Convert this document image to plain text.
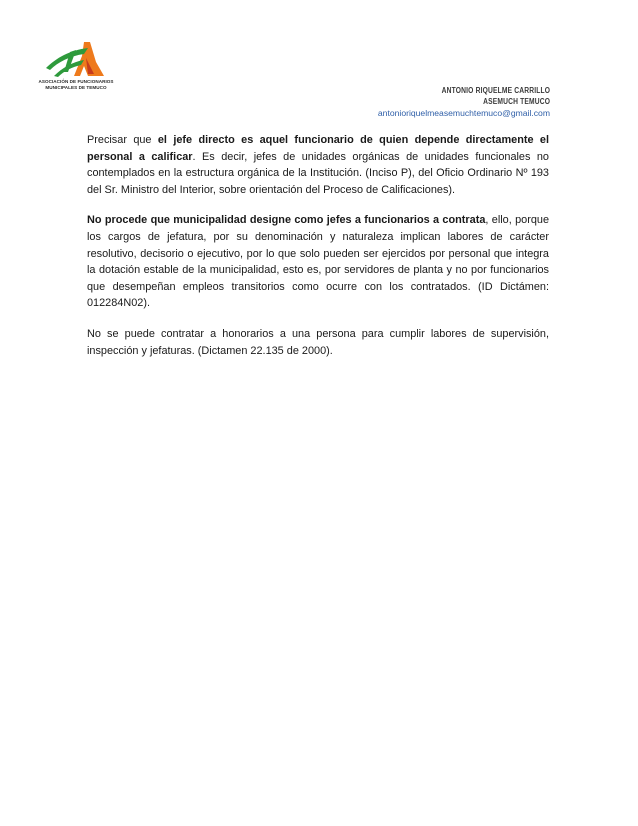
ASOCIACIÓN DE FUNCIONARIOS
MUNICIPALES DE TEMUCO	ANTONIO RIQUELME CARRILLO
ASEMUCH TEMUCO
antonioriquelmeasemuchtemuco@gmail.com

Precisar que el jefe directo es aquel funcionario de quien depende directamente el personal a calificar. Es decir, jefes de unidades orgánicas de unidades funcionales no contemplados en la estructura orgánica de la Institución. (Inciso P), del Oficio Ordinario Nº 193 del Sr. Ministro del Interior, sobre orientación del Proceso de Calificaciones).

No procede que municipalidad designe como jefes a funcionarios a contrata, ello, porque los cargos de jefatura, por su denominación y naturaleza implican labores de carácter resolutivo, decisorio o ejecutivo, por lo que solo pueden ser ejercidos por personal que integra la dotación estable de la municipalidad, esto es, por servidores de planta y no por funcionarios que desempeñan empleos transitorios como ocurre con los contratados. (ID Dictámen: 012284N02).

No se puede contratar a honorarios a una persona para cumplir labores de supervisión, inspección y jefaturas. (Dictamen 22.135 de 2000).
